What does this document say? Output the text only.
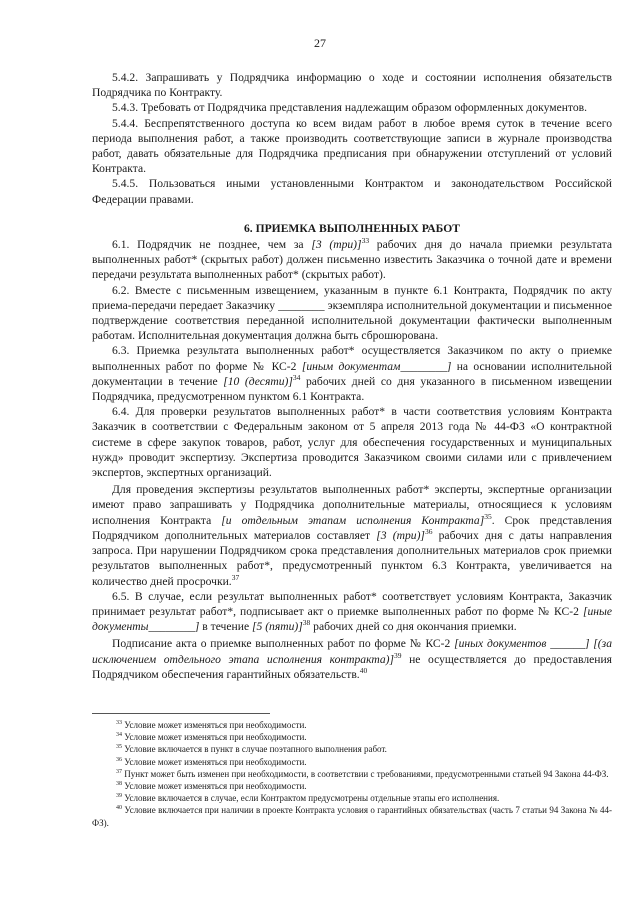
27

5.4.2. Запрашивать у Подрядчика информацию о ходе и состоянии исполнения обязательств Подрядчика по Контракту.

5.4.3. Требовать от Подрядчика представления надлежащим образом оформленных документов.

5.4.4. Беспрепятственного доступа ко всем видам работ в любое время суток в течение всего периода выполнения работ, а также производить соответствующие записи в журнале производства работ, давать обязательные для Подрядчика предписания при обнаружении отступлений от условий Контракта.

5.4.5. Пользоваться иными установленными Контрактом и законодательством Российской Федерации правами.

6. ПРИЕМКА ВЫПОЛНЕННЫХ РАБОТ

6.1. Подрядчик не позднее, чем за [3 (три)]$^{33}$ рабочих дня до начала приемки результата выполненных работ* (скрытых работ) должен письменно известить Заказчика о точной дате и времени передачи результата выполненных работ* (скрытых работ).

6.2. Вместе с письменным извещением, указанным в пункте 6.1 Контракта, Подрядчик по акту приема-передачи передает Заказчику ________ экземпляра исполнительной документации и письменное подтверждение соответствия переданной исполнительной документации фактически выполненным работам. Исполнительная документация должна быть сброшюрована.

6.3. Приемка результата выполненных работ* осуществляется Заказчиком по акту о приемке выполненных работ по форме № КС-2 [иным документам________] на основании исполнительной документации в течение [10 (десяти)]$^{34}$ рабочих дней со дня указанного в письменном извещении Подрядчика, предусмотренном пунктом 6.1 Контракта.

6.4. Для проверки результатов выполненных работ* в части соответствия условиям Контракта Заказчик в соответствии с Федеральным законом от 5 апреля 2013 года № 44-ФЗ «О контрактной системе в сфере закупок товаров, работ, услуг для обеспечения государственных и муниципальных нужд» проводит экспертизу. Экспертиза проводится Заказчиком своими силами или с привлечением экспертов, экспертных организаций.

Для проведения экспертизы результатов выполненных работ* эксперты, экспертные организации имеют право запрашивать у Подрядчика дополнительные материалы, относящиеся к условиям исполнения Контракта [и отдельным этапам исполнения Контракта]$^{35}$. Срок представления Подрядчиком дополнительных материалов составляет [3 (три)]$^{36}$ рабочих дня с даты направления запроса. При нарушении Подрядчиком срока представления дополнительных материалов срок приемки результатов выполненных работ*, предусмотренный пунктом 6.3 Контракта, увеличивается на количество дней просрочки.$^{37}$

6.5. В случае, если результат выполненных работ* соответствует условиям Контракта, Заказчик принимает результат работ*, подписывает акт о приемке выполненных работ по форме № КС-2 [иные документы________] в течение [5 (пяти)]$^{38}$ рабочих дней со дня окончания приемки.

Подписание акта о приемке выполненных работ по форме № КС-2 [иных документов ______] [(за исключением отдельного этапа исполнения контракта)]$^{39}$ не осуществляется до предоставления Подрядчиком обеспечения гарантийных обязательств.$^{40}$

$^{33}$ Условие может изменяться при необходимости.

$^{34}$ Условие может изменяться при необходимости.

$^{35}$ Условие включается в пункт в случае поэтапного выполнения работ.

$^{36}$ Условие может изменяться при необходимости.

$^{37}$ Пункт может быть изменен при необходимости, в соответствии с требованиями, предусмотренными статьей 94 Закона 44-ФЗ.

$^{38}$ Условие может изменяться при необходимости.

$^{39}$ Условие включается в случае, если Контрактом предусмотрены отдельные этапы его исполнения.

$^{40}$ Условие включается при наличии в проекте Контракта условия о гарантийных обязательствах (часть 7 статьи 94 Закона № 44-ФЗ).
